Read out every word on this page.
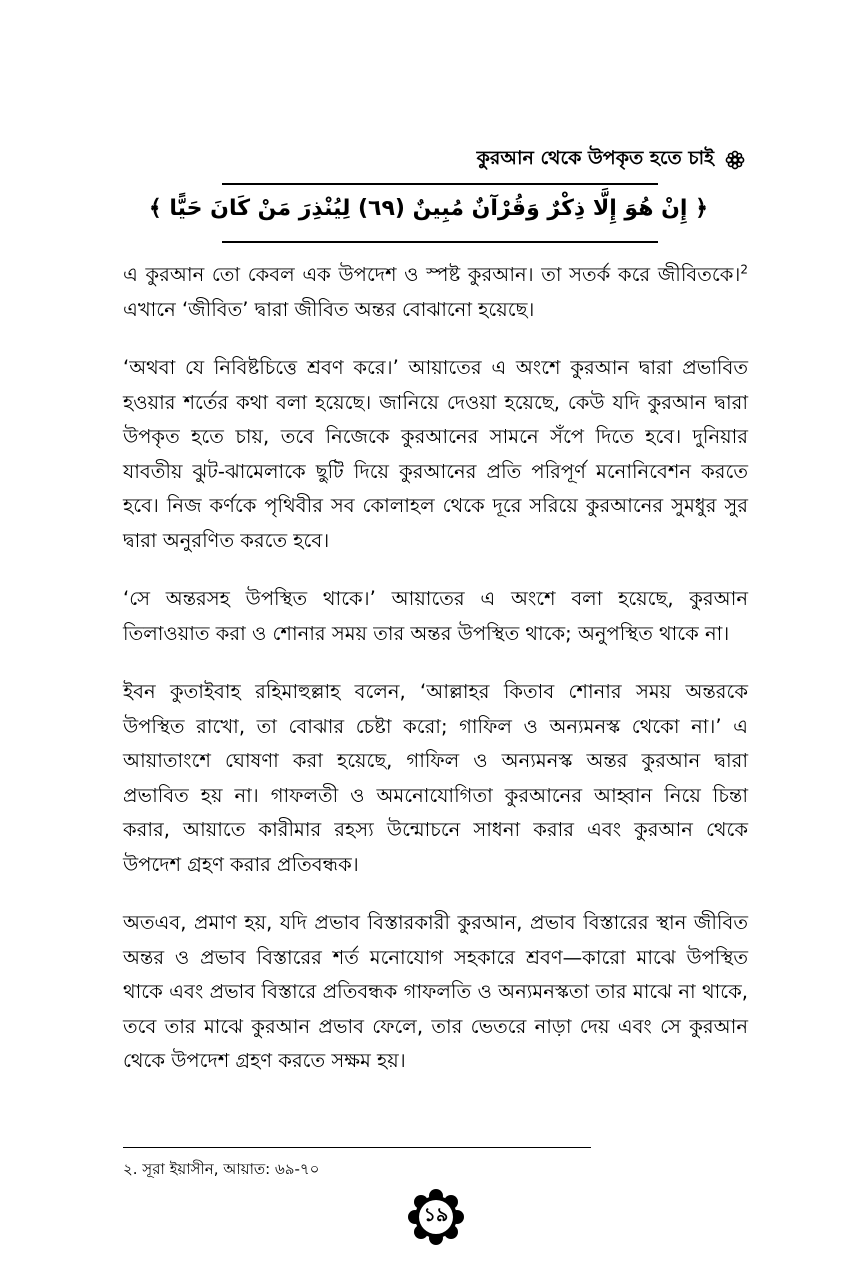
কুরআন থেকে উপকৃত হতে চাই
﴿ إِنْ هُوَ إِلَّا ذِكْرٌ وَقُرْآنٌ مُبِينٌ (٦٩) لِيُنْذِرَ مَنْ كَانَ حَيًّا ﴾

এ কুরআন তো কেবল এক উপদেশ ও স্পষ্ট কুরআন। তা সতর্ক করে জীবিতকে।$^2$ এখানে ‘জীবিত’ দ্বারা জীবিত অন্তর বোঝানো হয়েছে।

‘অথবা যে নিবিষ্টচিত্তে শ্রবণ করে।’ আয়াতের এ অংশে কুরআন দ্বারা প্রভাবিত হওয়ার শর্তের কথা বলা হয়েছে। জানিয়ে দেওয়া হয়েছে, কেউ যদি কুরআন দ্বারা উপকৃত হতে চায়, তবে নিজেকে কুরআনের সামনে সঁপে দিতে হবে। দুনিয়ার যাবতীয় ঝুট-ঝামেলাকে ছুটি দিয়ে কুরআনের প্রতি পরিপূর্ণ মনোনিবেশন করতে হবে। নিজ কর্ণকে পৃথিবীর সব কোলাহল থেকে দূরে সরিয়ে কুরআনের সুমধুর সুর দ্বারা অনুরণিত করতে হবে।

‘সে অন্তরসহ উপস্থিত থাকে।’ আয়াতের এ অংশে বলা হয়েছে, কুরআন তিলাওয়াত করা ও শোনার সময় তার অন্তর উপস্থিত থাকে; অনুপস্থিত থাকে না।

ইবন কুতাইবাহ রহিমাহুল্লাহ বলেন, ‘আল্লাহর কিতাব শোনার সময় অন্তরকে উপস্থিত রাখো, তা বোঝার চেষ্টা করো; গাফিল ও অন্যমনস্ক থেকো না।’ এ আয়াতাংশে ঘোষণা করা হয়েছে, গাফিল ও অন্যমনস্ক অন্তর কুরআন দ্বারা প্রভাবিত হয় না। গাফলতী ও অমনোযোগিতা কুরআনের আহ্বান নিয়ে চিন্তা করার, আয়াতে কারীমার রহস্য উন্মোচনে সাধনা করার এবং কুরআন থেকে উপদেশ গ্রহণ করার প্রতিবন্ধক।

অতএব, প্রমাণ হয়, যদি প্রভাব বিস্তারকারী কুরআন, প্রভাব বিস্তারের স্থান জীবিত অন্তর ও প্রভাব বিস্তারের শর্ত মনোযোগ সহকারে শ্রবণ—কারো মাঝে উপস্থিত থাকে এবং প্রভাব বিস্তারে প্রতিবন্ধক গাফলতি ও অন্যমনস্কতা তার মাঝে না থাকে, তবে তার মাঝে কুরআন প্রভাব ফেলে, তার ভেতরে নাড়া দেয় এবং সে কুরআন থেকে উপদেশ গ্রহণ করতে সক্ষম হয়।

২. সূরা ইয়াসীন, আয়াত: ৬৯-৭০
১৯
